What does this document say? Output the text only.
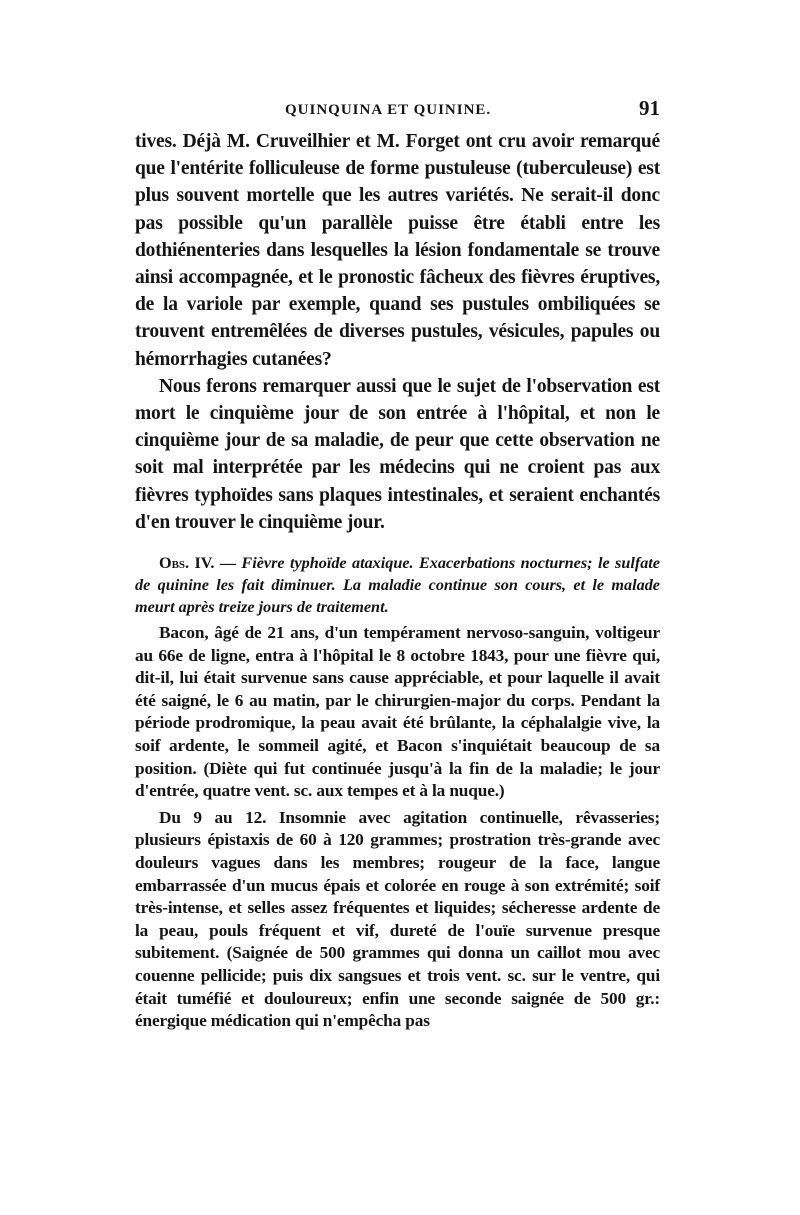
QUINQUINA ET QUININE.	91

tives. Déjà M. Cruveilhier et M. Forget ont cru avoir remarqué que l'entérite folliculeuse de forme pustuleuse (tuberculeuse) est plus souvent mortelle que les autres variétés. Ne serait-il donc pas possible qu'un parallèle puisse être établi entre les dothiénenteries dans lesquelles la lésion fondamentale se trouve ainsi accompagnée, et le pronostic fâcheux des fièvres éruptives, de la variole par exemple, quand ses pustules ombiliquées se trouvent entremêlées de diverses pustules, vésicules, papules ou hémorrhagies cutanées?

Nous ferons remarquer aussi que le sujet de l'observation est mort le cinquième jour de son entrée à l'hôpital, et non le cinquième jour de sa maladie, de peur que cette observation ne soit mal interprétée par les médecins qui ne croient pas aux fièvres typhoïdes sans plaques intestinales, et seraient enchantés d'en trouver le cinquième jour.

Obs. IV. — Fièvre typhoïde ataxique. Exacerbations nocturnes; le sulfate de quinine les fait diminuer. La maladie continue son cours, et le malade meurt après treize jours de traitement.

Bacon, âgé de 21 ans, d'un tempérament nervoso-sanguin, voltigeur au 66e de ligne, entra à l'hôpital le 8 octobre 1843, pour une fièvre qui, dit-il, lui était survenue sans cause appréciable, et pour laquelle il avait été saigné, le 6 au matin, par le chirurgien-major du corps. Pendant la période prodromique, la peau avait été brûlante, la céphalalgie vive, la soif ardente, le sommeil agité, et Bacon s'inquiétait beaucoup de sa position. (Diète qui fut continuée jusqu'à la fin de la maladie; le jour d'entrée, quatre vent. sc. aux tempes et à la nuque.)

Du 9 au 12. Insomnie avec agitation continuelle, rêvasseries; plusieurs épistaxis de 60 à 120 grammes; prostration très-grande avec douleurs vagues dans les membres; rougeur de la face, langue embarrassée d'un mucus épais et colorée en rouge à son extrémité; soif très-intense, et selles assez fréquentes et liquides; sécheresse ardente de la peau, pouls fréquent et vif, dureté de l'ouïe survenue presque subitement. (Saignée de 500 grammes qui donna un caillot mou avec couenne pellicide; puis dix sangsues et trois vent. sc. sur le ventre, qui était tuméfié et douloureux; enfin une seconde saignée de 500 gr.: énergique médication qui n'empêcha pas
